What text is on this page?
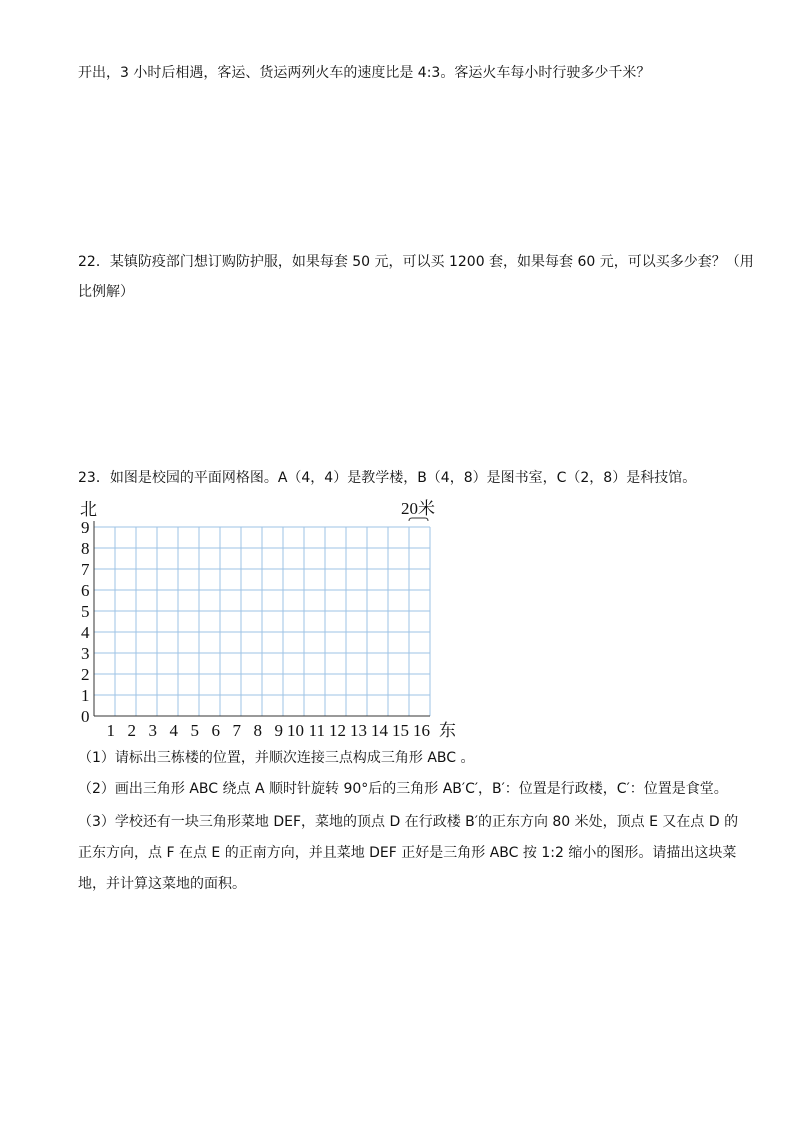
开出，3 小时后相遇，客运、货运两列火车的速度比是 4:3。客运火车每小时行驶多少千米？
22．某镇防疫部门想订购防护服，如果每套 50 元，可以买 1200 套，如果每套 60 元，可以买多少套？（用
比例解）
23．如图是校园的平面网格图。A（4，4）是教学楼，B（4，8）是图书室，C（2，8）是科技馆。
北	20米
0
1
2
3
4
5
6
7
8
9
1 2 3 4 5 6 7 8 9 10 11 12 13 14 15 16 东
（1）请标出三栋楼的位置，并顺次连接三点构成三角形 ABC 。
（2）画出三角形 ABC 绕点 A 顺时针旋转 90°后的三角形 AB′C′，B′：位置是行政楼，C′：位置是食堂。
（3）学校还有一块三角形菜地 DEF，菜地的顶点 D 在行政楼 B′的正东方向 80 米处，顶点 E 又在点 D 的
正东方向，点 F 在点 E 的正南方向，并且菜地 DEF 正好是三角形 ABC 按 1:2 缩小的图形。请描出这块菜
地，并计算这菜地的面积。
